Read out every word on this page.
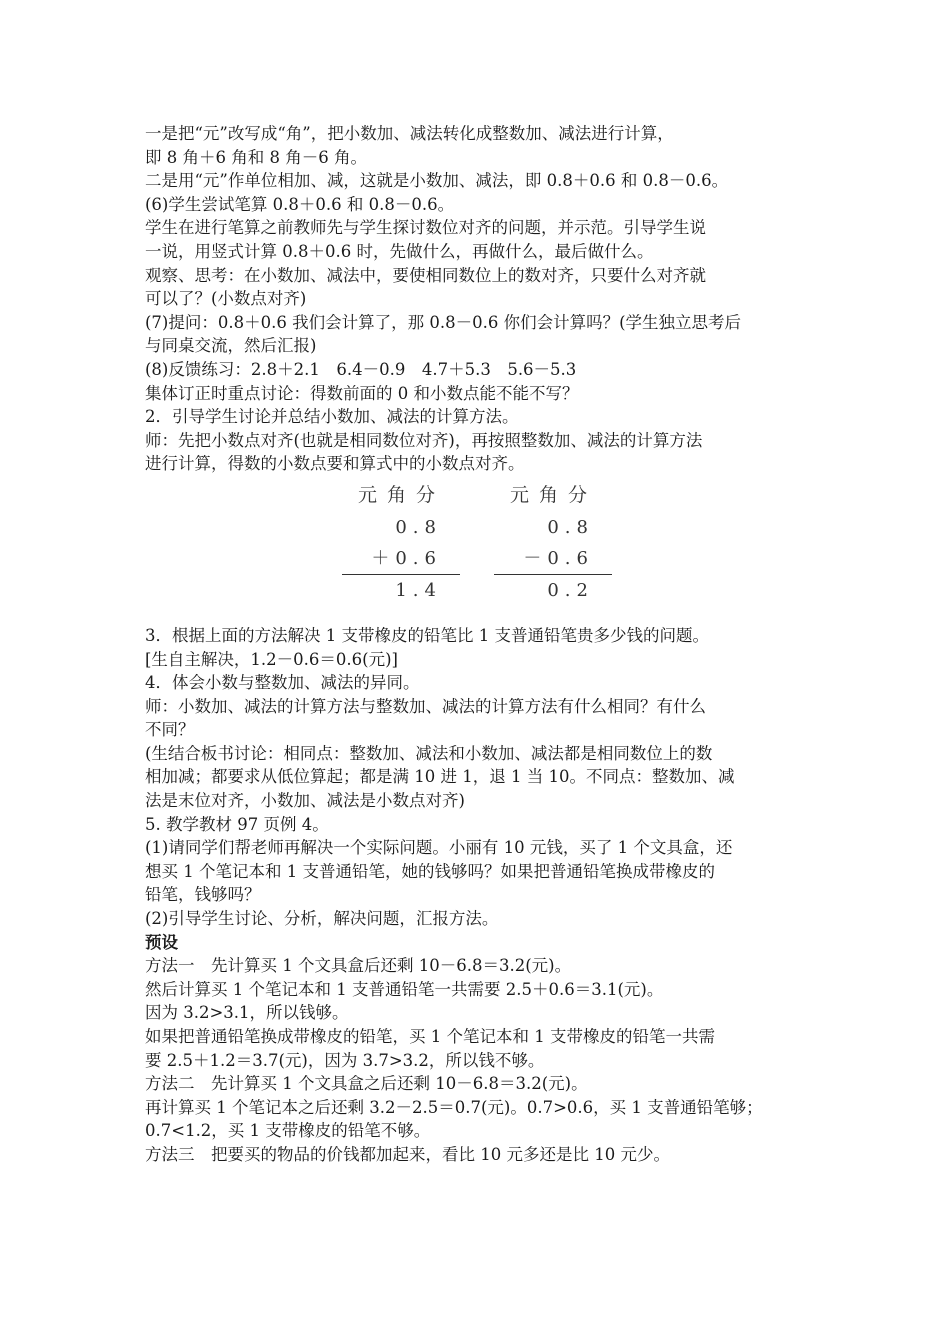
一是把“元”改写成“角”，把小数加、减法转化成整数加、减法进行计算，
即 8 角＋6 角和 8 角－6 角。
二是用“元”作单位相加、减，这就是小数加、减法，即 0.8＋0.6 和 0.8－0.6。
(6)学生尝试笔算 0.8＋0.6 和 0.8－0.6。
学生在进行笔算之前教师先与学生探讨数位对齐的问题，并示范。引导学生说
一说，用竖式计算 0.8＋0.6 时，先做什么，再做什么，最后做什么。
观察、思考：在小数加、减法中，要使相同数位上的数对齐，只要什么对齐就
可以了？(小数点对齐)
(7)提问：0.8＋0.6 我们会计算了，那 0.8－0.6 你们会计算吗？(学生独立思考后
与同桌交流，然后汇报)
(8)反馈练习：2.8＋2.1　6.4－0.9　4.7＋5.3　5.6－5.3
集体订正时重点讨论：得数前面的 0 和小数点能不能不写？
2．引导学生讨论并总结小数加、减法的计算方法。
师：先把小数点对齐(也就是相同数位对齐)，再按照整数加、减法的计算方法
进行计算，得数的小数点要和算式中的小数点对齐。
元角分
0.8
＋0.6
1.4
元角分
0.8
－0.6
0.2
3．根据上面的方法解决 1 支带橡皮的铅笔比 1 支普通铅笔贵多少钱的问题。
[生自主解决，1.2－0.6＝0.6(元)]
4．体会小数与整数加、减法的异同。
师：小数加、减法的计算方法与整数加、减法的计算方法有什么相同？有什么
不同？
(生结合板书讨论：相同点：整数加、减法和小数加、减法都是相同数位上的数
相加减；都要求从低位算起；都是满 10 进 1，退 1 当 10。不同点：整数加、减
法是末位对齐，小数加、减法是小数点对齐)
5. 教学教材 97 页例 4。
(1)请同学们帮老师再解决一个实际问题。小丽有 10 元钱，买了 1 个文具盒，还
想买 1 个笔记本和 1 支普通铅笔，她的钱够吗？如果把普通铅笔换成带橡皮的
铅笔，钱够吗？
(2)引导学生讨论、分析，解决问题，汇报方法。
预设
方法一　先计算买 1 个文具盒后还剩 10－6.8＝3.2(元)。
然后计算买 1 个笔记本和 1 支普通铅笔一共需要 2.5＋0.6＝3.1(元)。
因为 3.2>3.1，所以钱够。
如果把普通铅笔换成带橡皮的铅笔，买 1 个笔记本和 1 支带橡皮的铅笔一共需
要 2.5＋1.2＝3.7(元)，因为 3.7>3.2，所以钱不够。
方法二　先计算买 1 个文具盒之后还剩 10－6.8＝3.2(元)。
再计算买 1 个笔记本之后还剩 3.2－2.5＝0.7(元)。0.7>0.6，买 1 支普通铅笔够；
0.7<1.2，买 1 支带橡皮的铅笔不够。
方法三　把要买的物品的价钱都加起来，看比 10 元多还是比 10 元少。
